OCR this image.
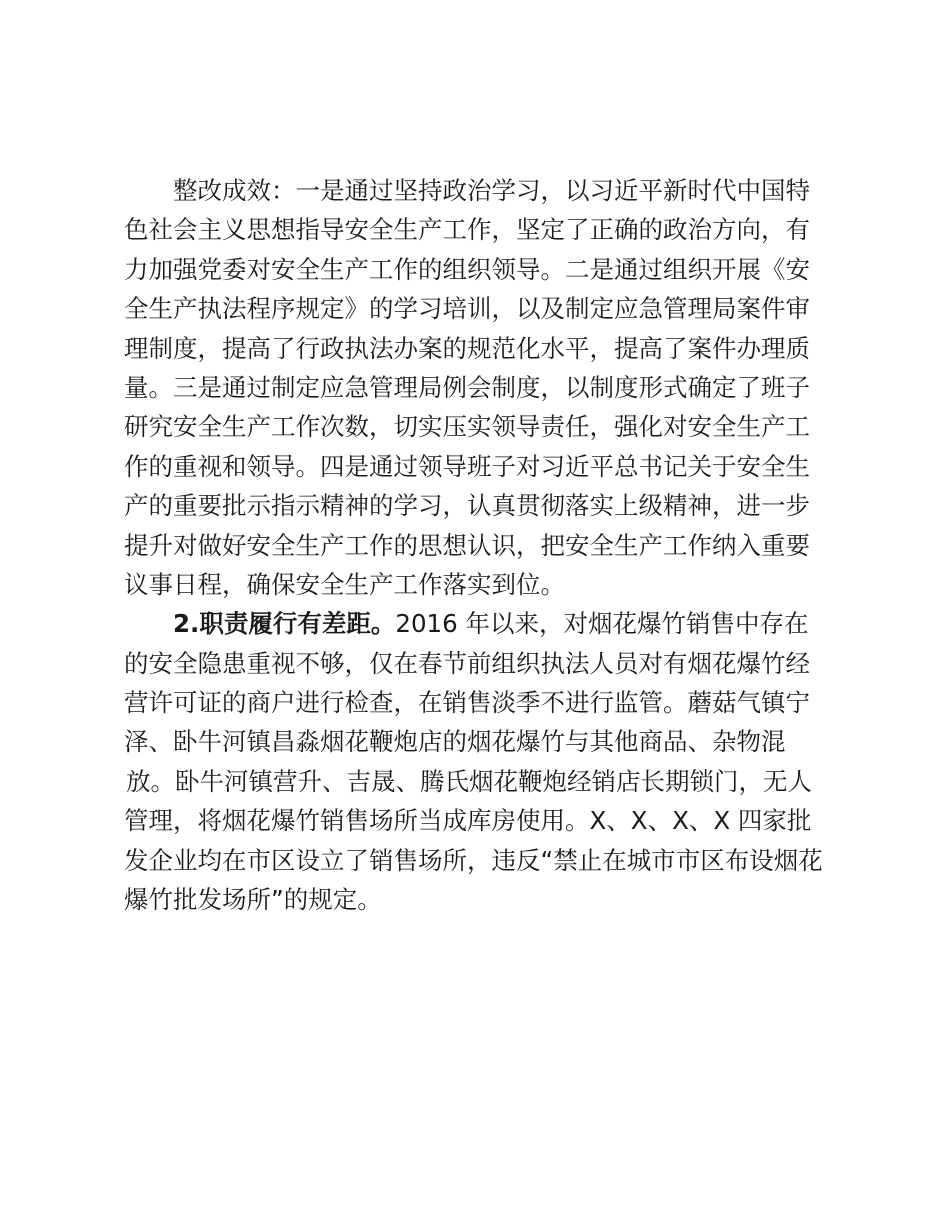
整改成效：一是通过坚持政治学习，以习近平新时代中国特
色社会主义思想指导安全生产工作，坚定了正确的政治方向，有
力加强党委对安全生产工作的组织领导。二是通过组织开展《安
全生产执法程序规定》的学习培训，以及制定应急管理局案件审
理制度，提高了行政执法办案的规范化水平，提高了案件办理质
量。三是通过制定应急管理局例会制度，以制度形式确定了班子
研究安全生产工作次数，切实压实领导责任，强化对安全生产工
作的重视和领导。四是通过领导班子对习近平总书记关于安全生
产的重要批示指示精神的学习，认真贯彻落实上级精神，进一步
提升对做好安全生产工作的思想认识，把安全生产工作纳入重要
议事日程，确保安全生产工作落实到位。
2.职责履行有差距。2016 年以来，对烟花爆竹销售中存在
的安全隐患重视不够，仅在春节前组织执法人员对有烟花爆竹经
营许可证的商户进行检查，在销售淡季不进行监管。蘑菇气镇宁
泽、卧牛河镇昌淼烟花鞭炮店的烟花爆竹与其他商品、杂物混
放。卧牛河镇营升、吉晟、腾氏烟花鞭炮经销店长期锁门，无人
管理，将烟花爆竹销售场所当成库房使用。X、X、X、X 四家批
发企业均在市区设立了销售场所，违反“禁止在城市市区布设烟花
爆竹批发场所”的规定。
